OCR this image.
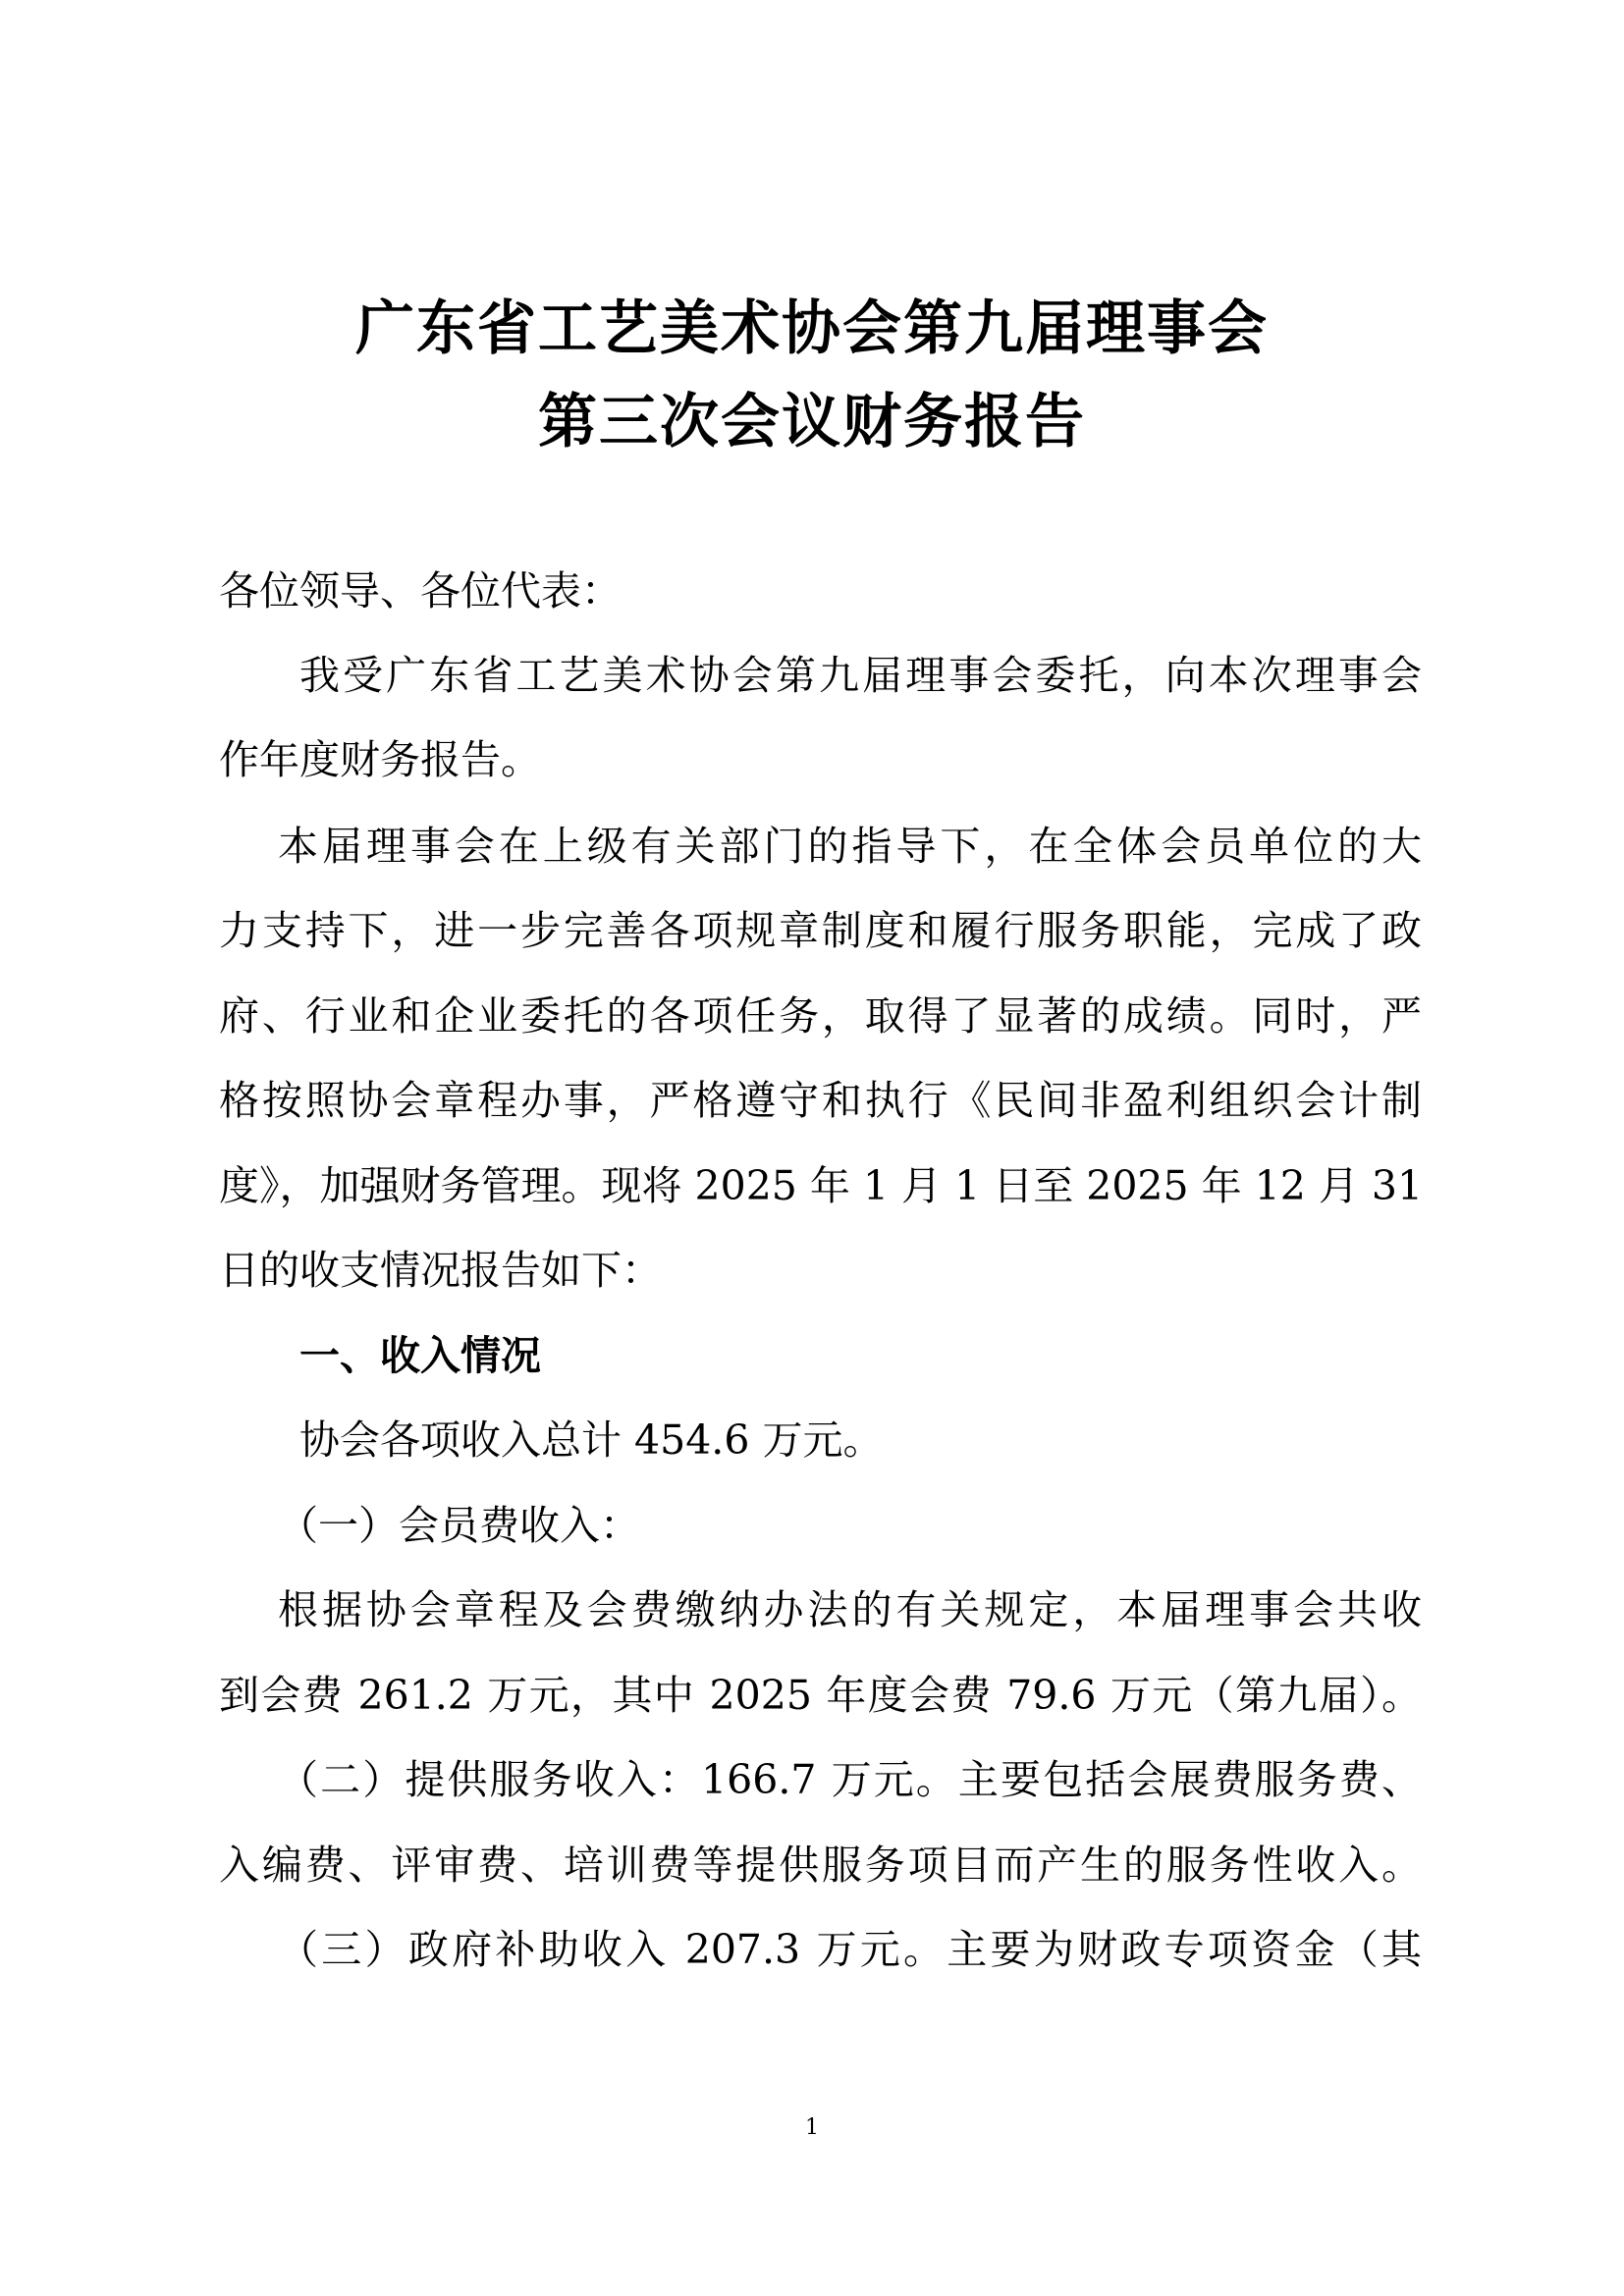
广东省工艺美术协会第九届理事会
第三次会议财务报告
各位领导、各位代表：
我受广东省工艺美术协会第九届理事会委托，向本次理事会
作年度财务报告。
本届理事会在上级有关部门的指导下，在全体会员单位的大
力支持下，进一步完善各项规章制度和履行服务职能，完成了政
府、行业和企业委托的各项任务，取得了显著的成绩。同时，严
格按照协会章程办事，严格遵守和执行《民间非盈利组织会计制
度》，加强财务管理。现将 2025 年 1 月 1 日至 2025 年 12 月 31
日的收支情况报告如下：
一、收入情况
协会各项收入总计 454.6 万元。
（一）会员费收入：
根据协会章程及会费缴纳办法的有关规定，本届理事会共收
到会费 261.2 万元，其中 2025 年度会费 79.6 万元（第九届）。
（二）提供服务收入：166.7 万元。主要包括会展费服务费、
入编费、评审费、培训费等提供服务项目而产生的服务性收入。
（三）政府补助收入 207.3 万元。主要为财政专项资金（其
1
